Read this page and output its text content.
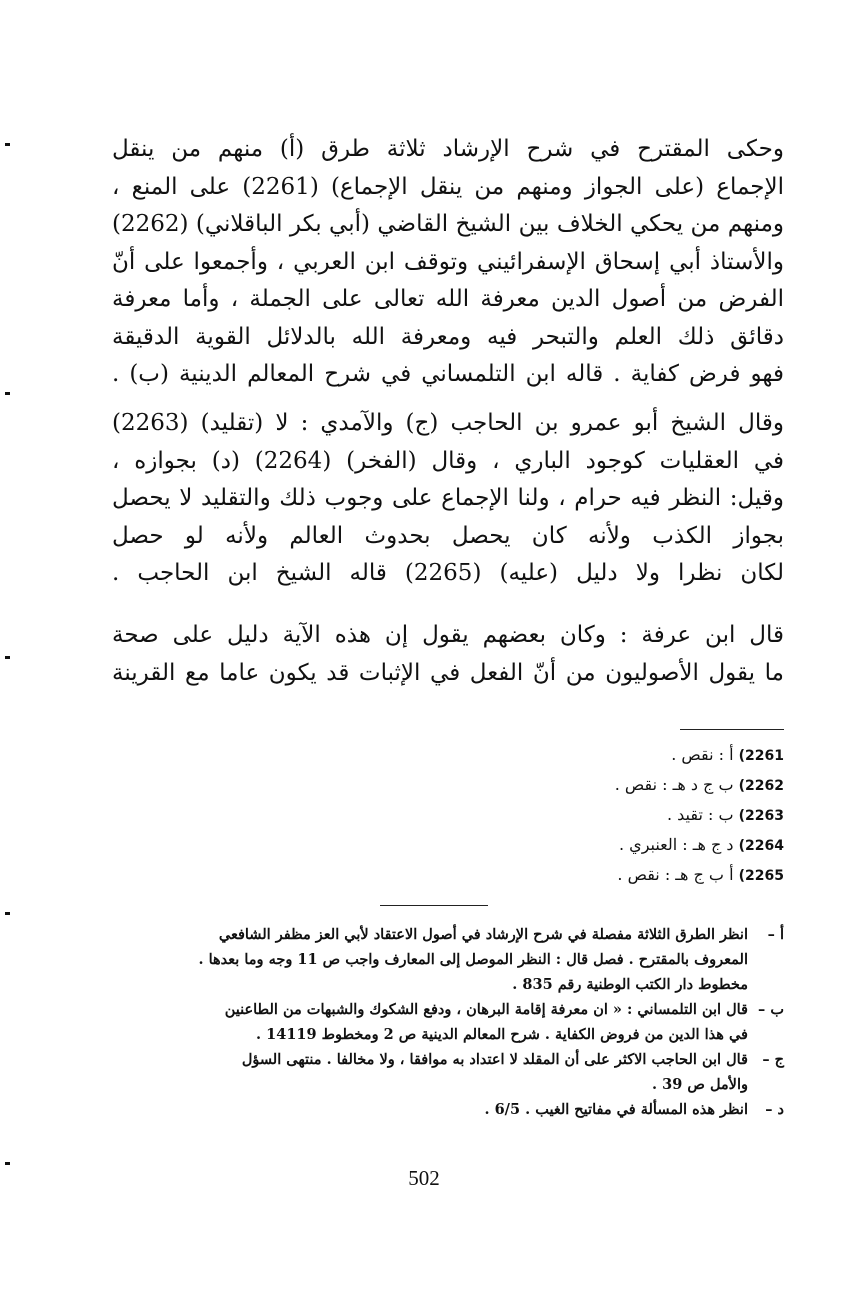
وحكى المقترح في شرح الإرشاد ثلاثة طرق (أ) منهم من ينقل
الإجماع (على الجواز ومنهم من ينقل الإجماع) (2261) على المنع ،
ومنهم من يحكي الخلاف بين الشيخ القاضي (أبي بكر الباقلاني) (2262)
والأستاذ أبي إسحاق الإسفرائيني وتوقف ابن العربي ، وأجمعوا على أنّ
الفرض من أصول الدين معرفة الله تعالى على الجملة ، وأما معرفة
دقائق ذلك العلم والتبحر فيه ومعرفة الله بالدلائل القوية الدقيقة
فهو فرض كفاية . قاله ابن التلمساني في شرح المعالم الدينية (ب) .
وقال الشيخ أبو عمرو بن الحاجب (ج) والآمدي : لا (تقليد) (2263)
في العقليات كوجود الباري ، وقال (الفخر) (2264) (د) بجوازه ،
وقيل: النظر فيه حرام ، ولنا الإجماع على وجوب ذلك والتقليد لا يحصل
بجواز الكذب ولأنه كان يحصل بحدوث العالم ولأنه لو حصل
لكان نظرا ولا دليل (عليه) (2265) قاله الشيخ ابن الحاجب .
قال ابن عرفة : وكان بعضهم يقول إن هذه الآية دليل على صحة
ما يقول الأصوليون من أنّ الفعل في الإثبات قد يكون عاما مع القرينة
2261) أ : نقص .
2262) ب ج د هـ : نقص .
2263) ب : تقيد .
2264) د ج هـ : العنبري .
2265) أ ب ج هـ : نقص .
أ –
انظر الطرق الثلاثة مفصلة في شرح الإرشاد في أصول الاعتقاد لأبي العز مظفر الشافعي
المعروف بالمقترح . فصل قال : النظر الموصل إلى المعارف واجب ص 11 وجه وما بعدها .
مخطوط دار الكتب الوطنية رقم 835 .
ب –
قال ابن التلمساني : « ان معرفة إقامة البرهان ، ودفع الشكوك والشبهات من الطاعنين
في هذا الدين من فروض الكفاية . شرح المعالم الدينية ص 2 ومخطوط 14119 .
ج –
قال ابن الحاجب الاكثر على أن المقلد لا اعتداد به موافقا ، ولا مخالفا . منتهى السؤل
والأمل ص 39 .
د –
انظر هذه المسألة في مفاتيح الغيب . 6/5 .
502
